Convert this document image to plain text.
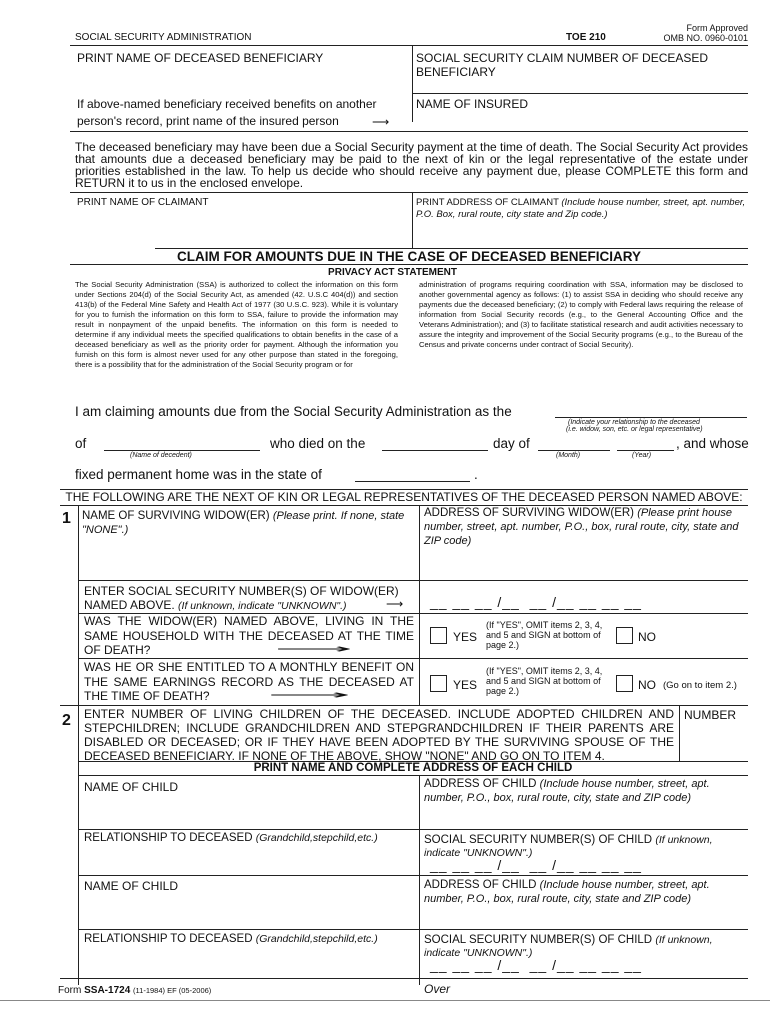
SOCIAL SECURITY ADMINISTRATION	TOE 210
Form Approved
OMB NO. 0960-0101
PRINT NAME OF DECEASED BENEFICIARY	SOCIAL SECURITY CLAIM NUMBER OF DECEASED BENEFICIARY
If above-named beneficiary received benefits on another
person's record, print name of the insured person	⟶
NAME OF INSURED
The deceased beneficiary may have been due a Social Security payment at the time of death. The Social Security Act provides that amounts due a deceased beneficiary may be paid to the next of kin or the legal representative of the estate under priorities established in the law. To help us decide who should receive any payment due, please COMPLETE this form and RETURN it to us in the enclosed envelope.
PRINT NAME OF CLAIMANT	PRINT ADDRESS OF CLAIMANT (Include house number, street, apt. number, P.O. Box, rural route, city state and Zip code.)
CLAIM FOR AMOUNTS DUE IN THE CASE OF DECEASED BENEFICIARY
PRIVACY ACT STATEMENT
The Social Security Administration (SSA) is authorized to collect the information on this form under Sections 204(d) of the Social Security Act, as amended (42. U.S.C 404(d)) and section 413(b) of the Federal Mine Safety and Health Act of 1977 (30 U.S.C. 923). While it is voluntary for you to furnish the information on this form to SSA, failure to provide the information may result in nonpayment of the unpaid benefits. The information on this form is needed to determine if any individual meets the specified qualifications to obtain benefits in the case of a deceased beneficiary as well as the priority order for payment. Although the information you furnish on this form is almost never used for any other purpose than stated in the foregoing, there is a possibility that for the administration of the Social Security program or for
administration of programs requiring coordination with SSA, information may be disclosed to another governmental agency as follows: (1) to assist SSA in deciding who should receive any payments due the deceased beneficiary; (2) to comply with Federal laws requiring the release of information from Social Security records (e.g., to the General Accounting Office and the Veterans Administration); and (3) to facilitate statistical research and audit activities necessary to assure the integrity and improvement of the Social Security programs (e.g., to the Bureau of the Census and private concerns under contract of Social Security).
I am claiming amounts due from the Social Security Administration as the
(Indicate your relationship to the deceased
(i.e. widow, son, etc. or legal representative)
of
(Name of decedent)
who died on the	day of
(Month)	(Year)
, and whose
fixed permanent home was in the state of	.
THE FOLLOWING ARE THE NEXT OF KIN OR LEGAL REPRESENTATIVES OF THE DECEASED PERSON NAMED ABOVE:
1 NAME OF SURVIVING WIDOW(ER) (Please print. If none, state "NONE".)
ADDRESS OF SURVIVING WIDOW(ER) (Please print house number, street, apt. number, P.O., box, rural route, city, state and ZIP code)
ENTER SOCIAL SECURITY NUMBER(S) OF WIDOW(ER)
NAMED ABOVE. (If unknown, indicate "UNKNOWN".)	⟶ __ __ __ /__  __ /__ __ __ __
WAS THE WIDOW(ER) NAMED ABOVE, LIVING IN THE SAME HOUSEHOLD WITH THE DECEASED AT THE TIME OF DEATH?	⟶
YES
(If "YES", OMIT items 2, 3, 4, and 5 and SIGN at bottom of page 2.)
NO
WAS HE OR SHE ENTITLED TO A MONTHLY BENEFIT ON THE SAME EARNINGS RECORD AS THE DECEASED AT THE TIME OF DEATH?	⟶
YES
(If "YES", OMIT items 2, 3, 4, and 5 and SIGN at bottom of page 2.)	NO (Go on to item 2.)
2 ENTER NUMBER OF LIVING CHILDREN OF THE DECEASED. INCLUDE ADOPTED CHILDREN AND STEPCHILDREN; INCLUDE GRANDCHILDREN AND STEPGRANDCHILDREN IF THEIR PARENTS ARE DISABLED OR DECEASED; OR IF THEY HAVE BEEN ADOPTED BY THE SURVIVING SPOUSE OF THE DECEASED BENEFICIARY. IF NONE OF THE ABOVE, SHOW "NONE" AND GO ON TO ITEM 4.
NUMBER
PRINT NAME AND COMPLETE ADDRESS OF EACH CHILD
NAME OF CHILD	ADDRESS OF CHILD (Include house number, street, apt. number, P.O., box, rural route, city, state and ZIP code)
RELATIONSHIP TO DECEASED (Grandchild,stepchild,etc.)	SOCIAL SECURITY NUMBER(S) OF CHILD (If unknown, indicate "UNKNOWN".)
__ __ __ /__  __ /__ __ __ __
NAME OF CHILD	ADDRESS OF CHILD (Include house number, street, apt. number, P.O., box, rural route, city, state and ZIP code)
RELATIONSHIP TO DECEASED (Grandchild,stepchild,etc.)	SOCIAL SECURITY NUMBER(S) OF CHILD (If unknown, indicate "UNKNOWN".)
__ __ __ /__  __ /__ __ __ __
Form SSA-1724 (11-1984) EF (05-2006)	Over
